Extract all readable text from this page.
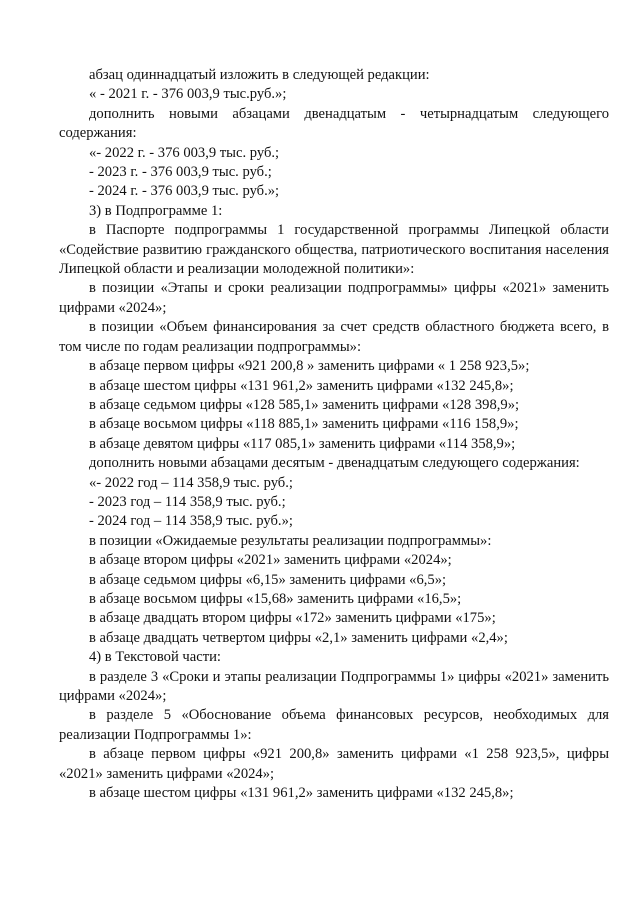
абзац одиннадцатый изложить в следующей редакции:

« - 2021 г. - 376 003,9 тыс.руб.»;

дополнить новыми абзацами двенадцатым - четырнадцатым следующего содержания:

«- 2022 г. - 376 003,9 тыс. руб.;

- 2023 г. - 376 003,9 тыс. руб.;

- 2024 г. - 376 003,9 тыс. руб.»;

3) в Подпрограмме 1:

в Паспорте подпрограммы 1 государственной программы Липецкой области «Содействие развитию гражданского общества, патриотического воспитания населения Липецкой области и реализации молодежной политики»:

в позиции «Этапы и сроки реализации подпрограммы» цифры «2021» заменить цифрами «2024»;

в позиции «Объем финансирования за счет средств областного бюджета всего, в том числе по годам реализации подпрограммы»:

в абзаце первом цифры «921 200,8 » заменить цифрами « 1 258 923,5»;

в абзаце шестом цифры «131 961,2» заменить цифрами «132 245,8»;

в абзаце седьмом цифры «128 585,1» заменить цифрами «128 398,9»;

в абзаце восьмом цифры «118 885,1» заменить цифрами «116 158,9»;

в абзаце девятом цифры «117 085,1» заменить цифрами «114 358,9»;

дополнить новыми абзацами десятым - двенадцатым следующего содержания:

«- 2022 год – 114 358,9 тыс. руб.;

- 2023 год – 114 358,9 тыс. руб.;

- 2024 год – 114 358,9 тыс. руб.»;

в позиции «Ожидаемые результаты реализации подпрограммы»:

в абзаце втором цифры «2021» заменить цифрами «2024»;

в абзаце седьмом цифры «6,15» заменить цифрами «6,5»;

в абзаце восьмом цифры «15,68» заменить цифрами «16,5»;

в абзаце двадцать втором цифры «172» заменить цифрами «175»;

в абзаце двадцать четвертом цифры «2,1» заменить цифрами «2,4»;

4) в Текстовой части:

в разделе 3 «Сроки и этапы реализации Подпрограммы 1» цифры «2021» заменить цифрами «2024»;

в разделе 5 «Обоснование объема финансовых ресурсов, необходимых для реализации Подпрограммы 1»:

в абзаце первом цифры «921 200,8» заменить цифрами «1 258 923,5», цифры «2021» заменить цифрами «2024»;

в абзаце шестом цифры «131 961,2» заменить цифрами «132 245,8»;
